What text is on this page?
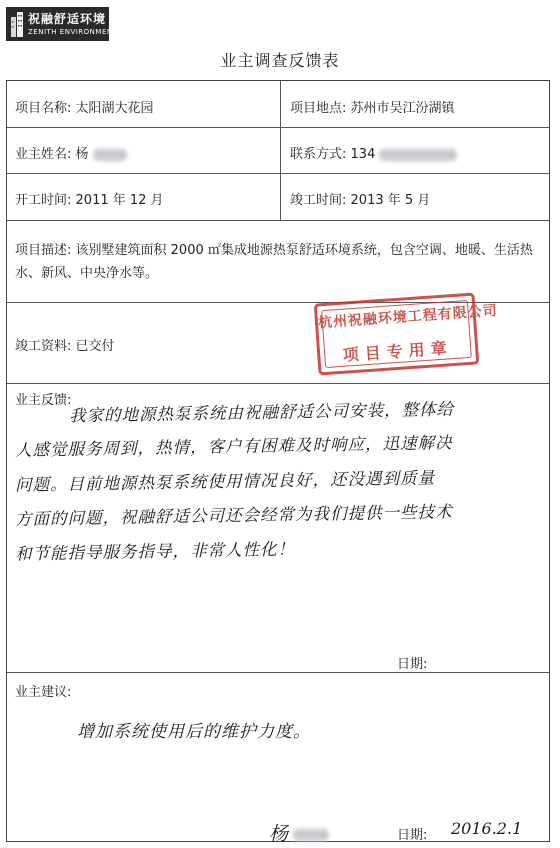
祝融舒适环境
ZENITH ENVIRONMENT
业主调查反馈表
项目名称: 太阳湖大花园	项目地点: 苏州市吴江汾湖镇
业主姓名: 杨	联系方式: 134
开工时间: 2011 年 12 月	竣工时间: 2013 年 5 月
项目描述: 该别墅建筑面积 2000 ㎡集成地源热泵舒适环境系统，包含空调、地暖、生活热水、新风、中央净水等。
竣工资料: 已交付
业主反馈:
我家的地源热泵系统由祝融舒适公司安装，整体给
人感觉服务周到，热情，客户有困难及时响应，迅速解决
问题。目前地源热泵系统使用情况良好，还没遇到质量
方面的问题，祝融舒适公司还会经常为我们提供一些技术
和节能指导服务指导，非常人性化！
日期:
业主建议:
增加系统使用后的维护力度。
杨	日期: 2016.2.1
杭州祝融环境工程有限公司
项目专用章
